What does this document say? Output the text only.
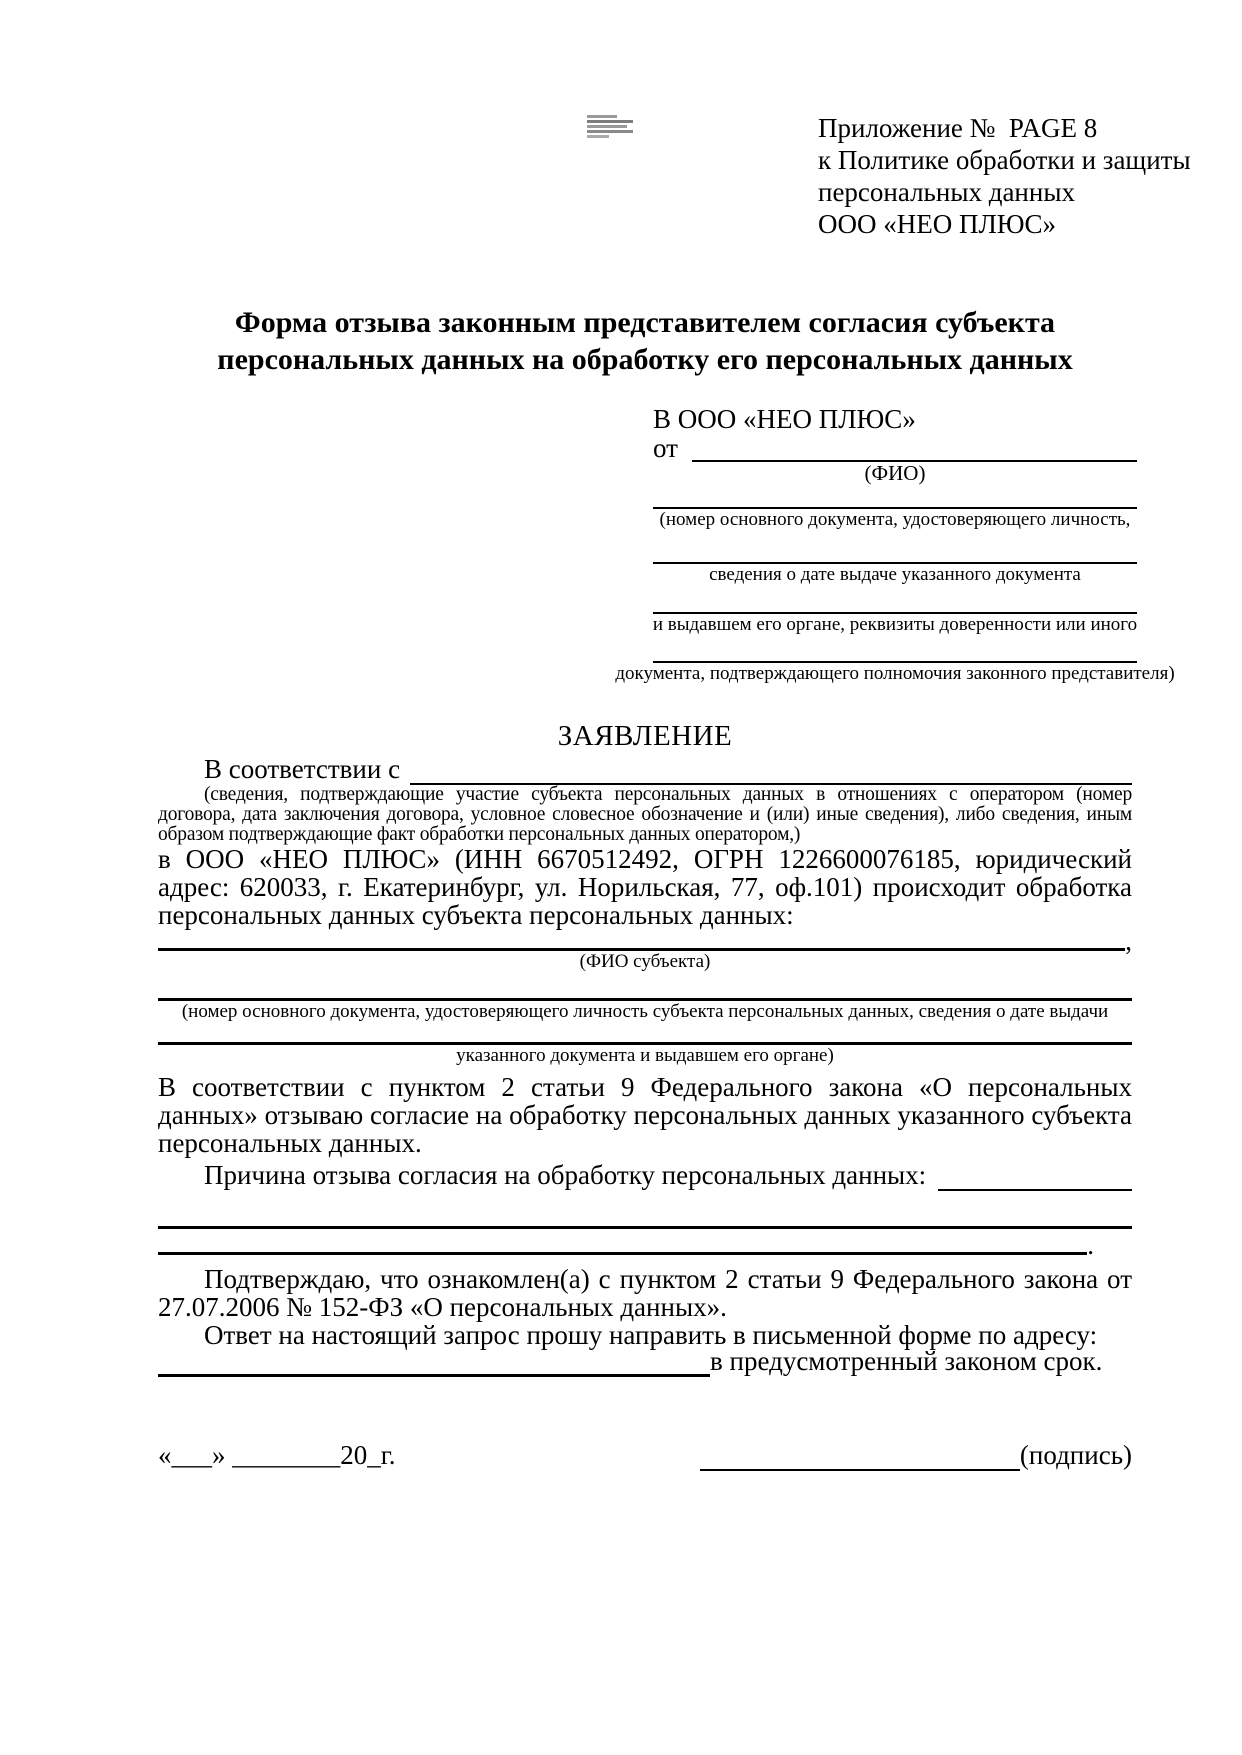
Приложение №  PAGE 8
к Политике обработки и защиты
персональных данных
ООО «НЕО ПЛЮС»
Форма отзыва законным представителем согласия субъекта персональных данных на обработку его персональных данных
В ООО «НЕО ПЛЮС»
от
(ФИО)
(номер основного документа, удостоверяющего личность,
сведения о дате выдаче указанного документа
и выдавшем его органе, реквизиты доверенности или иного
документа, подтверждающего полномочия законного представителя)
ЗАЯВЛЕНИЕ
В соответствии с

(сведения, подтверждающие участие субъекта персональных данных в отношениях с оператором (номер договора, дата заключения договора, условное словесное обозначение и (или) иные сведения), либо сведения, иным образом подтверждающие факт обработки персональных данных оператором,)

в ООО «НЕО ПЛЮС» (ИНН 6670512492, ОГРН 1226600076185, юридический адрес: 620033, г. Екатеринбург, ул. Норильская, 77, оф.101) происходит обработка персональных данных субъекта персональных данных:

,
(ФИО субъекта)
(номер основного документа, удостоверяющего личность субъекта персональных данных, сведения о дате выдачи
указанного документа и выдавшем его органе)

В соответствии с пунктом 2 статьи 9 Федерального закона «О персональных данных» отзываю согласие на обработку персональных данных указанного субъекта персональных данных.

Причина отзыва согласия на обработку персональных данных:
.

Подтверждаю, что ознакомлен(а) с пунктом 2 статьи 9 Федерального закона от 27.07.2006 № 152-ФЗ «О персональных данных».

Ответ на настоящий запрос прошу направить в письменной форме по адресу:

в предусмотренный законом срок.
«___» ________20_г.	(подпись)
